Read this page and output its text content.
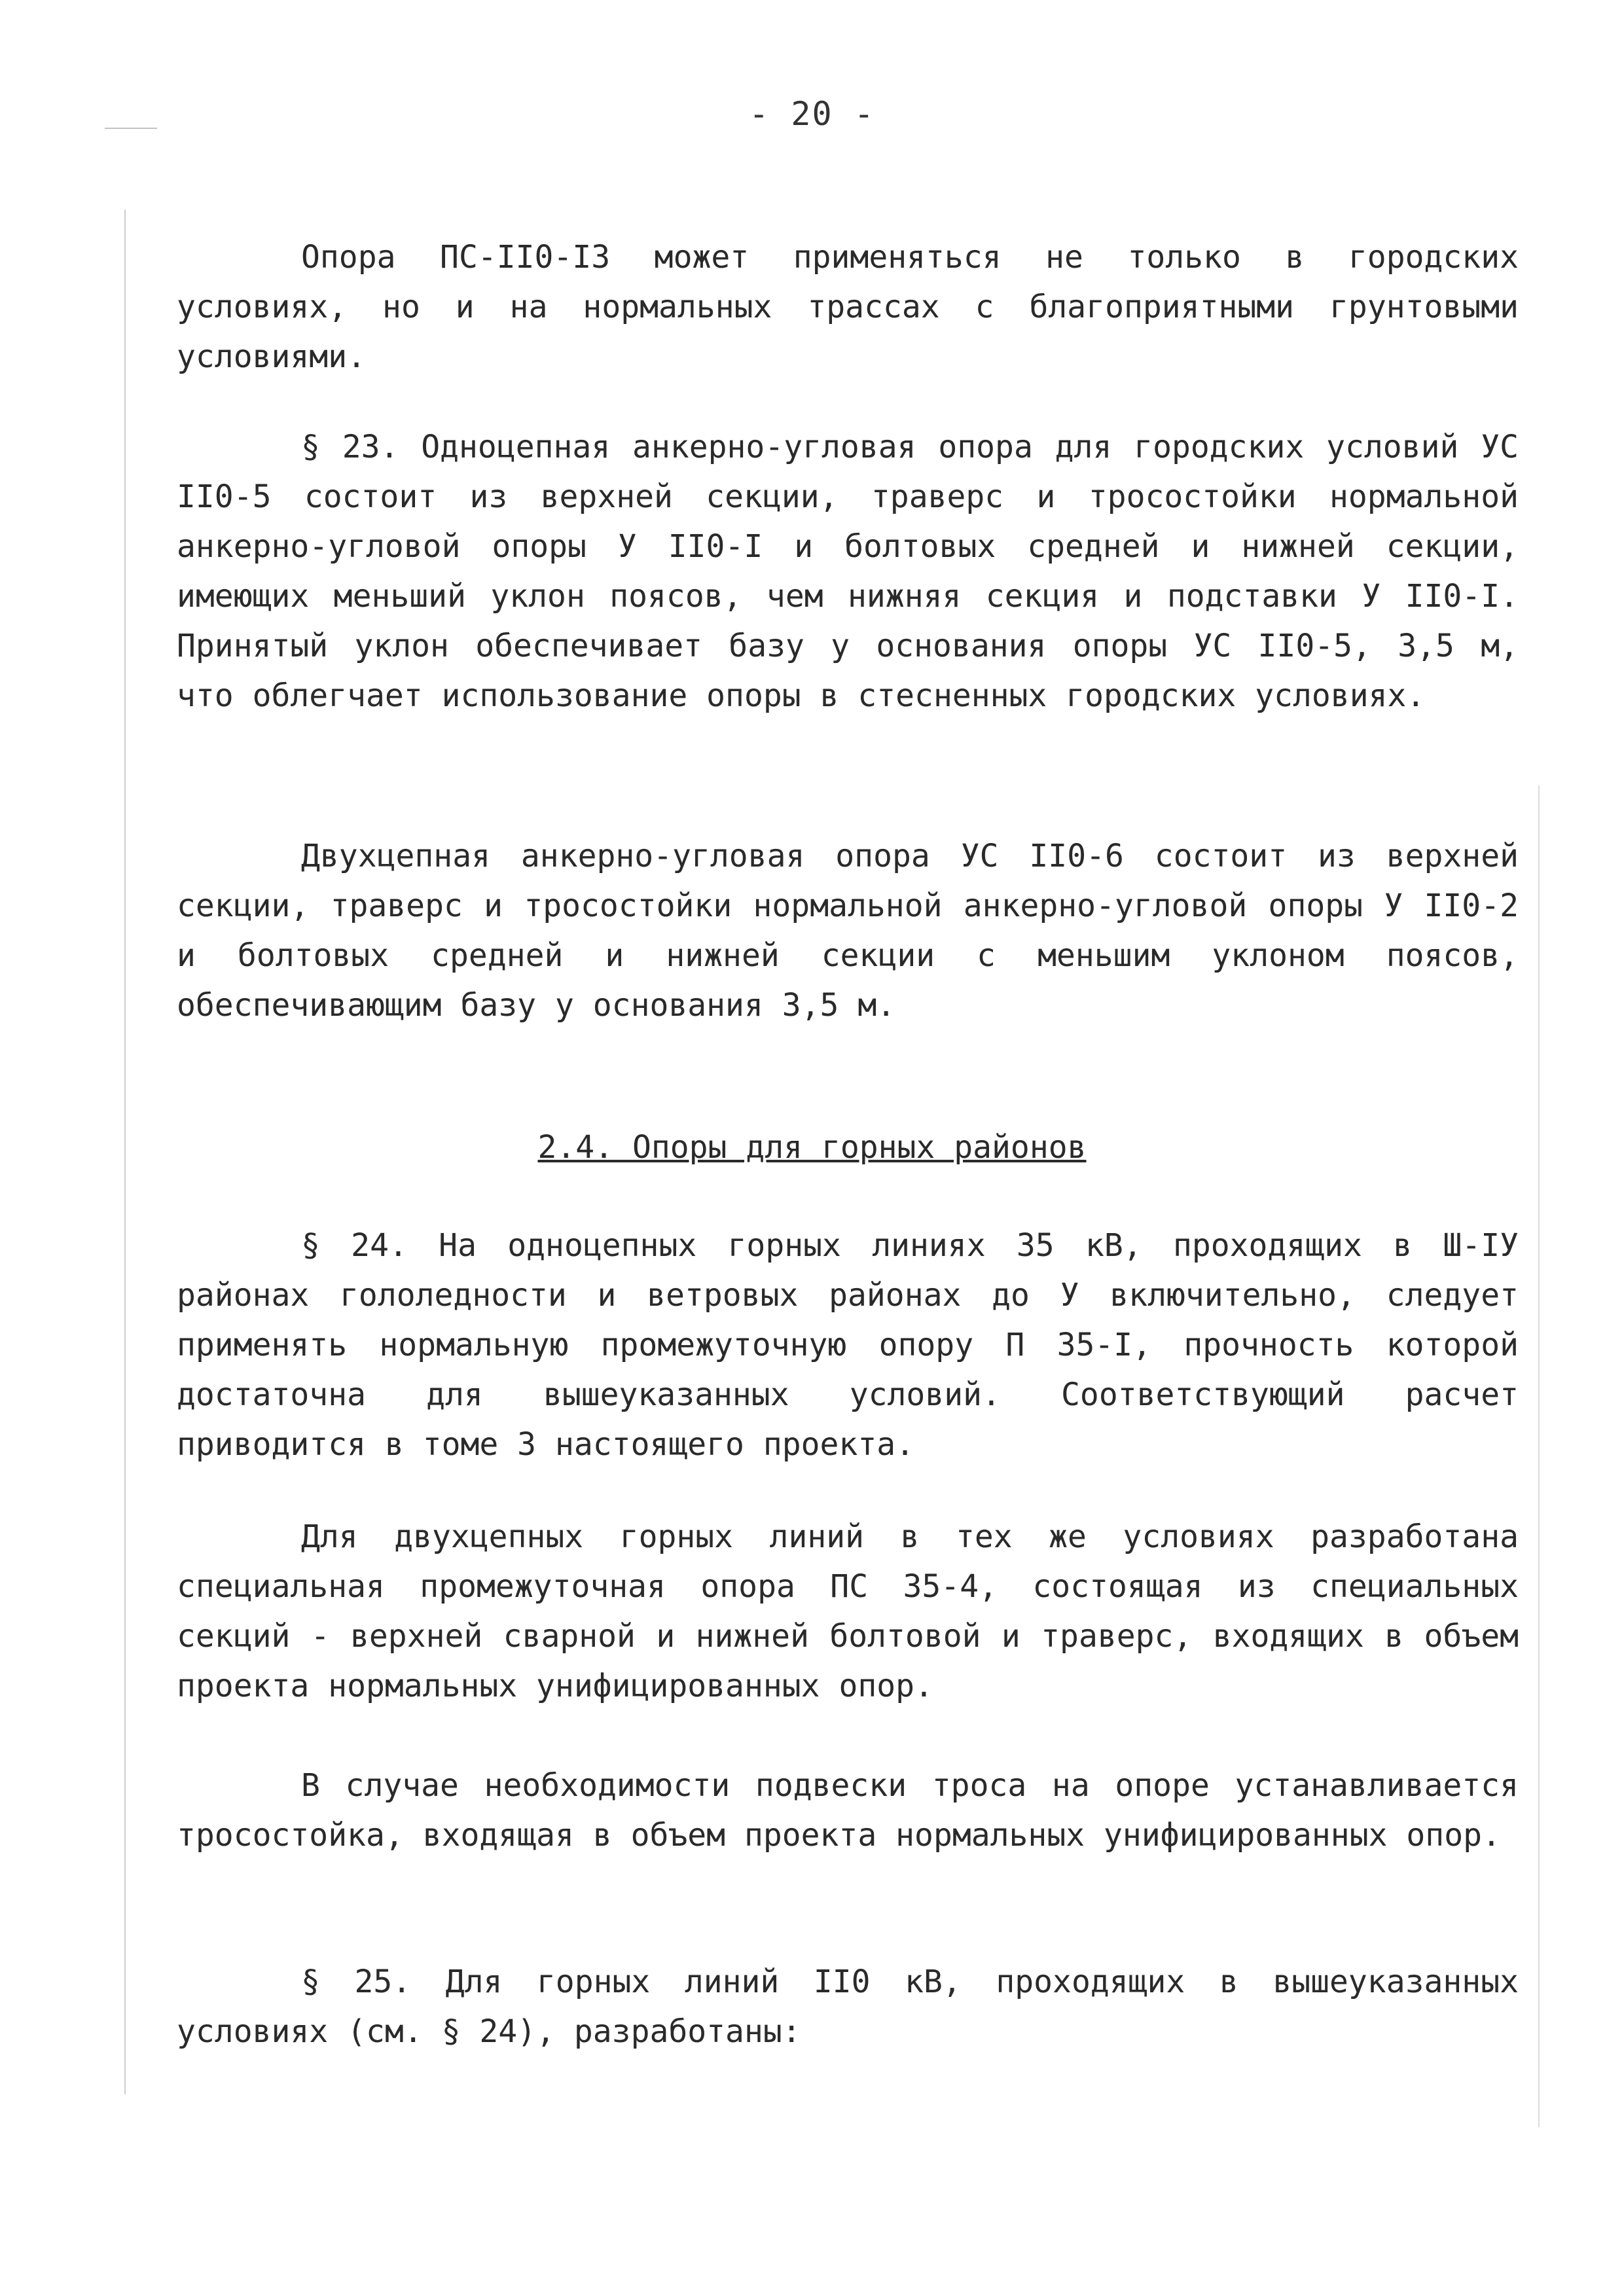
- 20 -

Опора ПС-ІІ0-ІЗ может применяться не только в городских условиях, но и на нормальных трассах с благоприятными грунтовыми условиями.

§ 23. Одноцепная анкерно-угловая опора для городских условий УС ІІ0-5 состоит из верхней секции, траверс и тросостойки нормальной анкерно-угловой опоры У ІІ0-І и болтовых средней и нижней секции, имеющих меньший уклон поясов, чем нижняя секция и подставки У ІІ0-І. Принятый уклон обеспечивает базу у основания опоры УС ІІ0-5, 3,5 м, что облегчает использование опоры в стесненных городских условиях.

Двухцепная анкерно-угловая опора УС ІІ0-6 состоит из верхней секции, траверс и тросостойки нормальной анкерно-угловой опоры У ІІ0-2 и болтовых средней и нижней секции с меньшим уклоном поясов, обеспечивающим базу у основания 3,5 м.

2.4. Опоры для горных районов

§ 24. На одноцепных горных линиях 35 кВ, проходящих в Ш-ІУ районах гололедности и ветровых районах до У включительно, следует применять нормальную промежуточную опору П 35-І, прочность которой достаточна для вышеуказанных условий. Соответствующий расчет приводится в томе 3 настоящего проекта.

Для двухцепных горных линий в тех же условиях разработана специальная промежуточная опора ПС 35-4, состоящая из специальных секций - верхней сварной и нижней болтовой и траверс, входящих в объем проекта нормальных унифицированных опор.

В случае необходимости подвески троса на опоре устанавливается тросостойка, входящая в объем проекта нормальных унифицированных опор.

§ 25. Для горных линий ІІ0 кВ, проходящих в вышеуказанных условиях (см. § 24), разработаны:
